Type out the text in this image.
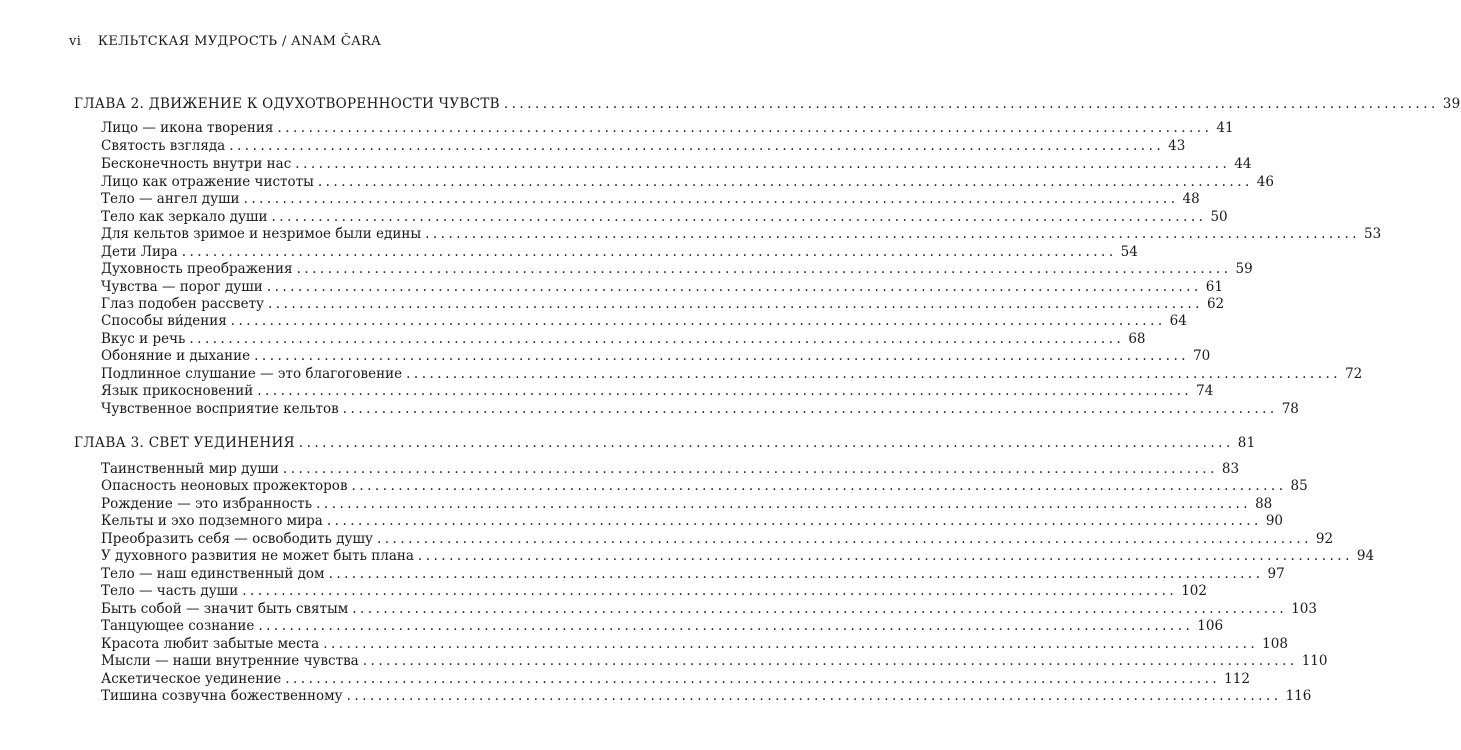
vi КЕЛЬТСКАЯ МУДРОСТЬ / ANAM ČARA
ГЛАВА 2. ДВИЖЕНИЕ К ОДУХОТВОРЕННОСТИ ЧУВСТВ ........................................................................................................................ 39
Лицо — икона творения ........................................................................................................................ 41
Святость взгляда ........................................................................................................................ 43
Бесконечность внутри нас ........................................................................................................................ 44
Лицо как отражение чистоты ........................................................................................................................ 46
Тело — ангел души ........................................................................................................................ 48
Тело как зеркало души ........................................................................................................................ 50
Для кельтов зримое и незримое были едины ........................................................................................................................ 53
Дети Лира ........................................................................................................................ 54
Духовность преображения ........................................................................................................................ 59
Чувства — порог души ........................................................................................................................ 61
Глаз подобен рассвету ........................................................................................................................ 62
Способы ви́дения ........................................................................................................................ 64
Вкус и речь ........................................................................................................................ 68
Обоняние и дыхание ........................................................................................................................ 70
Подлинное слушание — это благоговение ........................................................................................................................ 72
Язык прикосновений ........................................................................................................................ 74
Чувственное восприятие кельтов ........................................................................................................................ 78
ГЛАВА 3. СВЕТ УЕДИНЕНИЯ ........................................................................................................................ 81
Таинственный мир души ........................................................................................................................ 83
Опасность неоновых прожекторов ........................................................................................................................ 85
Рождение — это избранность ........................................................................................................................ 88
Кельты и эхо подземного мира ........................................................................................................................ 90
Преобразить себя — освободить душу ........................................................................................................................ 92
У духовного развития не может быть плана ........................................................................................................................ 94
Тело — наш единственный дом ........................................................................................................................ 97
Тело — часть души ........................................................................................................................ 102
Быть собой — значит быть святым ........................................................................................................................ 103
Танцующее сознание ........................................................................................................................ 106
Красота любит забытые места ........................................................................................................................ 108
Мысли — наши внутренние чувства ........................................................................................................................ 110
Аскетическое уединение ........................................................................................................................ 112
Тишина созвучна божественному ........................................................................................................................ 116
